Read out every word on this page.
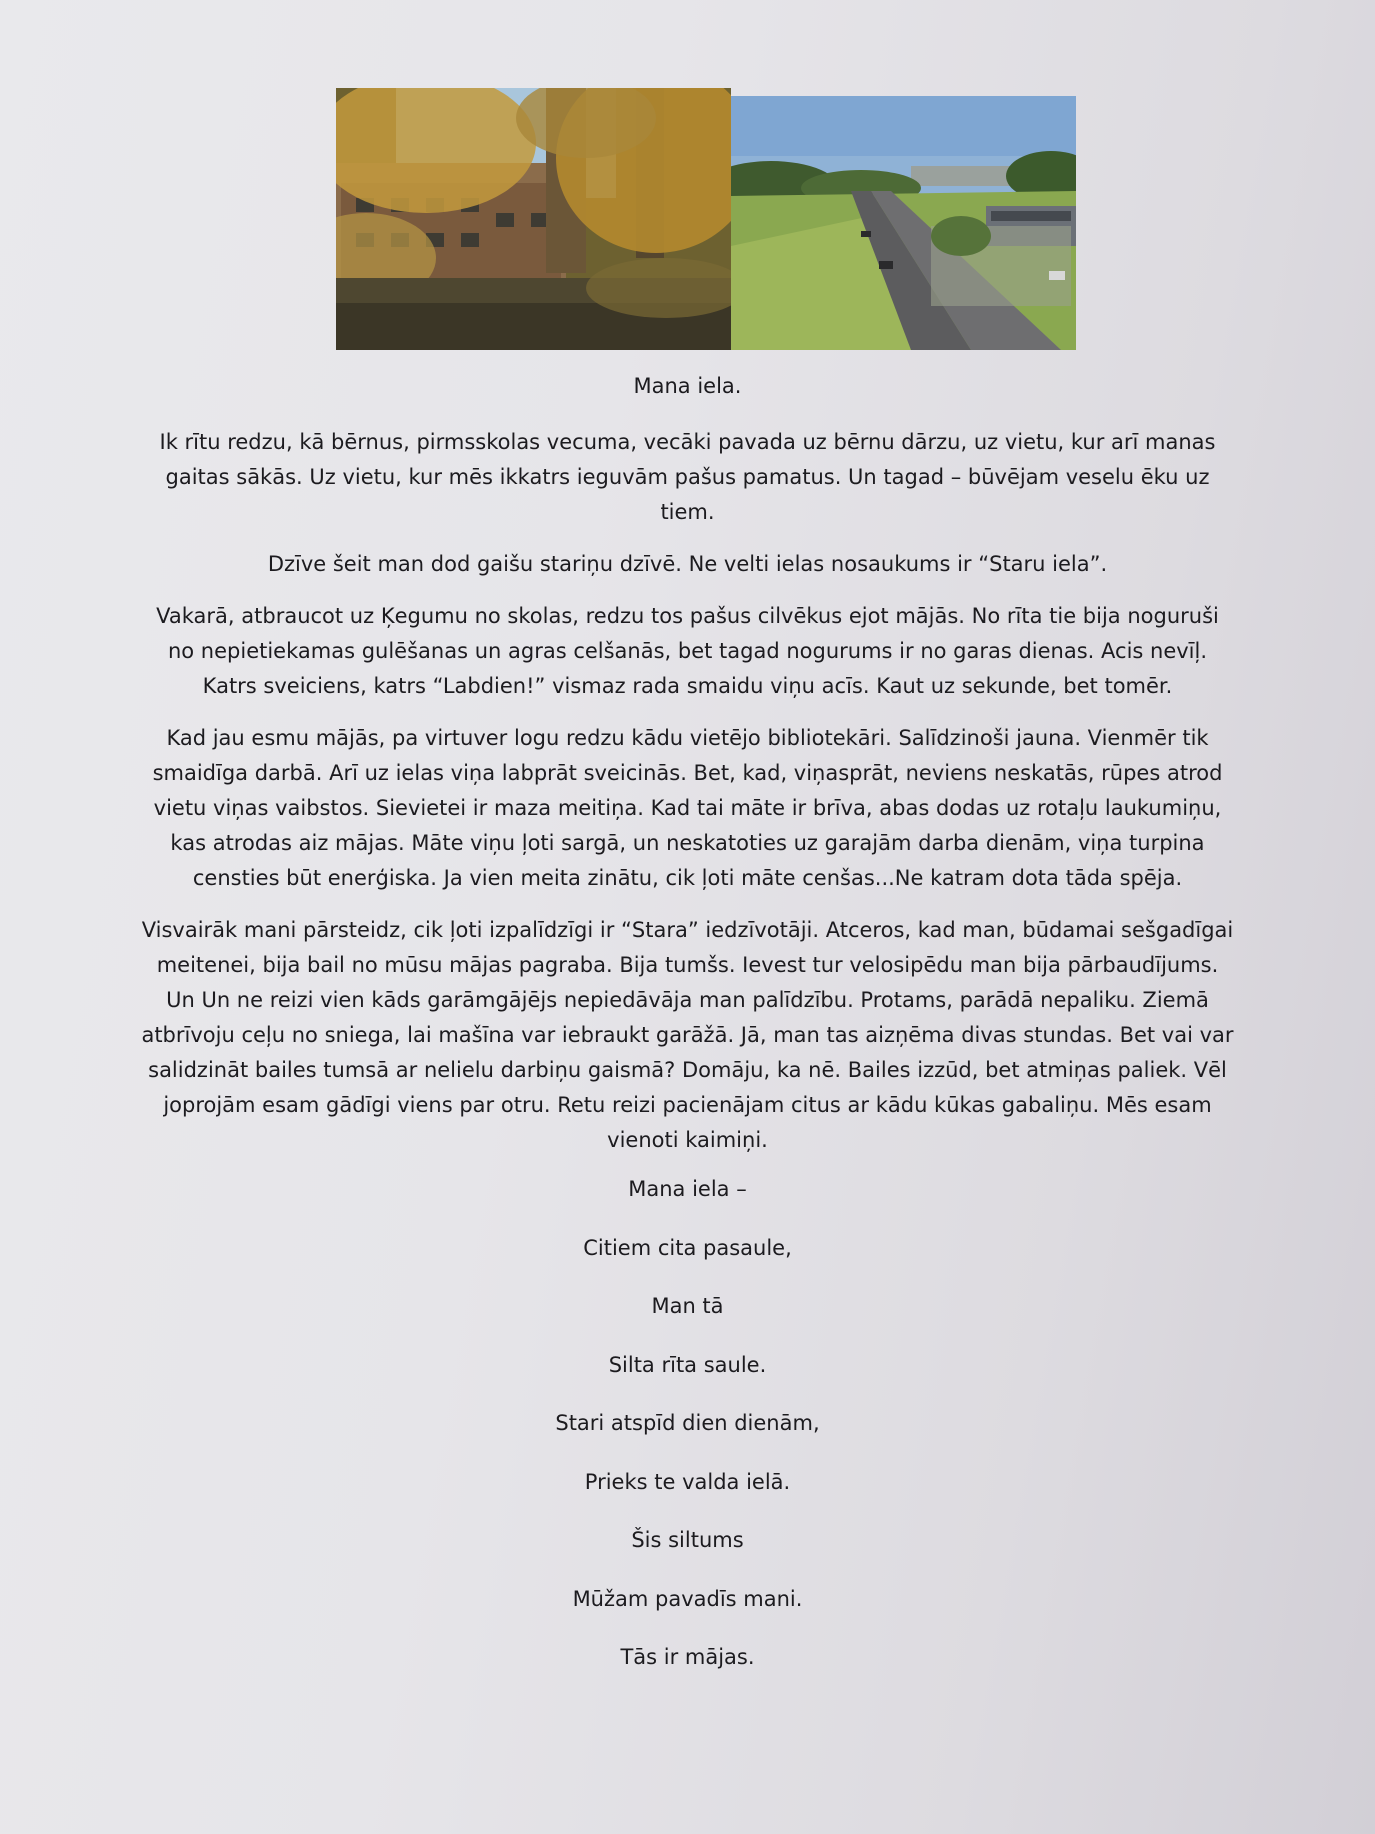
Mana iela.

Ik rītu redzu, kā bērnus, pirmsskolas vecuma, vecāki pavada uz bērnu dārzu, uz vietu, kur arī manas gaitas sākās. Uz vietu, kur mēs ikkatrs ieguvām pašus pamatus. Un tagad – būvējam veselu ēku uz tiem.

Dzīve šeit man dod gaišu stariņu dzīvē. Ne velti ielas nosaukums ir “Staru iela”.

Vakarā, atbraucot uz Ķegumu no skolas, redzu tos pašus cilvēkus ejot mājās. No rīta tie bija noguruši no nepietiekamas gulēšanas un agras celšanās, bet tagad nogurums ir no garas dienas. Acis nevīļ. Katrs sveiciens, katrs “Labdien!” vismaz rada smaidu viņu acīs. Kaut uz sekunde, bet tomēr.

Kad jau esmu mājās, pa virtuver logu redzu kādu vietējo bibliotekāri. Salīdzinoši jauna. Vienmēr tik smaidīga darbā. Arī uz ielas viņa labprāt sveicinās. Bet, kad, viņasprāt, neviens neskatās, rūpes atrod vietu viņas vaibstos. Sievietei ir maza meitiņa. Kad tai māte ir brīva, abas dodas uz rotaļu laukumiņu, kas atrodas aiz mājas. Māte viņu ļoti sargā, un neskatoties uz garajām darba dienām, viņa turpina censties būt enerģiska. Ja vien meita zinātu, cik ļoti māte cenšas...Ne katram dota tāda spēja.

Visvairāk mani pārsteidz, cik ļoti izpalīdzīgi ir “Stara” iedzīvotāji. Atceros, kad man, būdamai sešgadīgai meitenei, bija bail no mūsu mājas pagraba. Bija tumšs. Ievest tur velosipēdu man bija pārbaudījums. Un Un ne reizi vien kāds garāmgājējs nepiedāvāja man palīdzību. Protams, parādā nepaliku. Ziemā atbrīvoju ceļu no sniega, lai mašīna var iebraukt garāžā. Jā, man tas aizņēma divas stundas. Bet vai var salidzināt bailes tumsā ar nelielu darbiņu gaismā? Domāju, ka nē. Bailes izzūd, bet atmiņas paliek. Vēl joprojām esam gādīgi viens par otru. Retu reizi pacienājam citus ar kādu kūkas gabaliņu. Mēs esam vienoti kaimiņi.

Mana iela –
Citiem cita pasaule,
Man tā
Silta rīta saule.
Stari atspīd dien dienām,
Prieks te valda ielā.
Šis siltums
Mūžam pavadīs mani.
Tās ir mājas.
